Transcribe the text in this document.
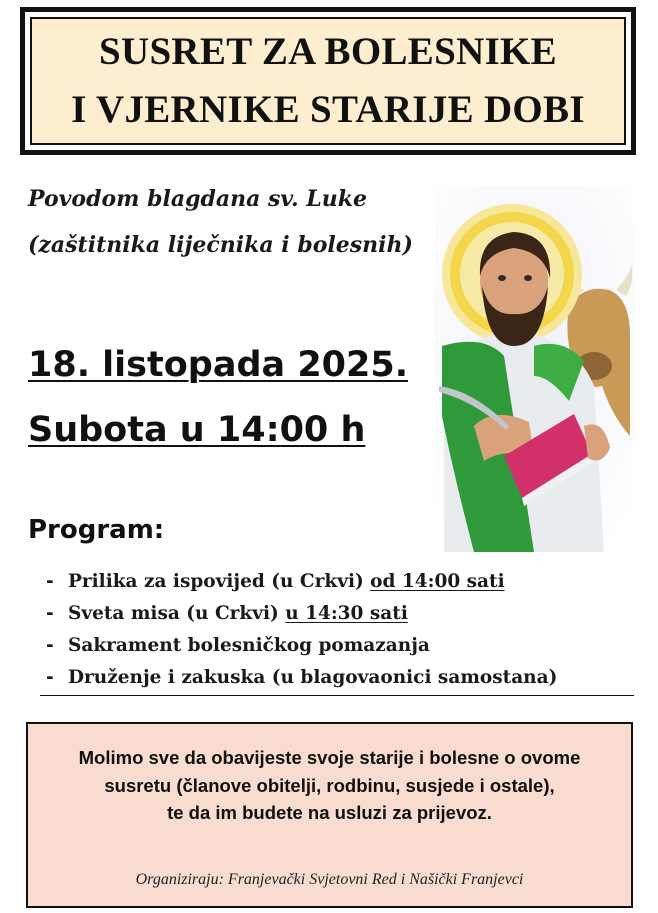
SUSRET ZA BOLESNIKE
I VJERNIKE STARIJE DOBI
Povodom blagdana sv. Luke
(zaštitnika liječnika i bolesnih)
18. listopada 2025.
Subota u 14:00 h
Program:
- Prilika za ispovijed (u Crkvi) od 14:00 sati
- Sveta misa (u Crkvi) u 14:30 sati
- Sakrament bolesničkog pomazanja
- Druženje i zakuska (u blagovaonici samostana)
Molimo sve da obavijeste svoje starije i bolesne o ovome
susretu (članove obitelji, rodbinu, susjede i ostale),
te da im budete na usluzi za prijevoz.
Organiziraju: Franjevački Svjetovni Red i Našički Franjevci
